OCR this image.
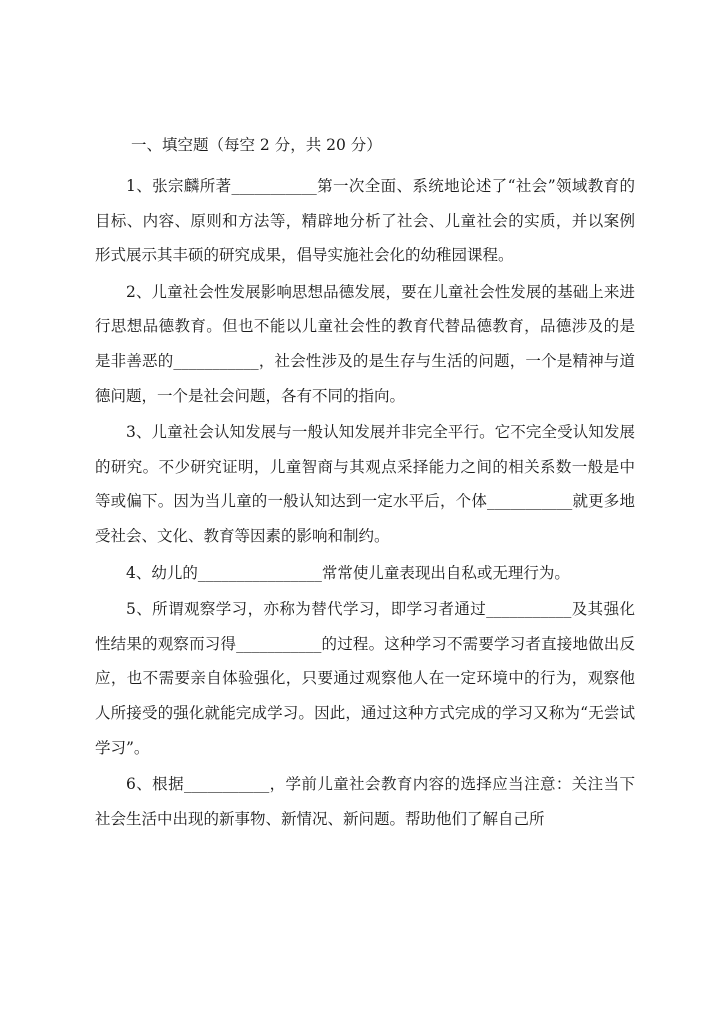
一、填空题（每空 2 分，共 20 分）

1、张宗麟所著___________第一次全面、系统地论述了“社会”领域教育的目标、内容、原则和方法等，精辟地分析了社会、儿童社会的实质，并以案例形式展示其丰硕的研究成果，倡导实施社会化的幼稚园课程。

2、儿童社会性发展影响思想品德发展，要在儿童社会性发展的基础上来进行思想品德教育。但也不能以儿童社会性的教育代替品德教育，品德涉及的是是非善恶的___________，社会性涉及的是生存与生活的问题，一个是精神与道德问题，一个是社会问题，各有不同的指向。

3、儿童社会认知发展与一般认知发展并非完全平行。它不完全受认知发展的研究。不少研究证明，儿童智商与其观点采择能力之间的相关系数一般是中等或偏下。因为当儿童的一般认知达到一定水平后，个体___________就更多地受社会、文化、教育等因素的影响和制约。

4、幼儿的________________常常使儿童表现出自私或无理行为。

5、所谓观察学习，亦称为替代学习，即学习者通过___________及其强化性结果的观察而习得___________的过程。这种学习不需要学习者直接地做出反应，也不需要亲自体验强化，只要通过观察他人在一定环境中的行为，观察他人所接受的强化就能完成学习。因此，通过这种方式完成的学习又称为“无尝试学习”。

6、根据___________，学前儿童社会教育内容的选择应当注意：关注当下社会生活中出现的新事物、新情况、新问题。帮助他们了解自己所
